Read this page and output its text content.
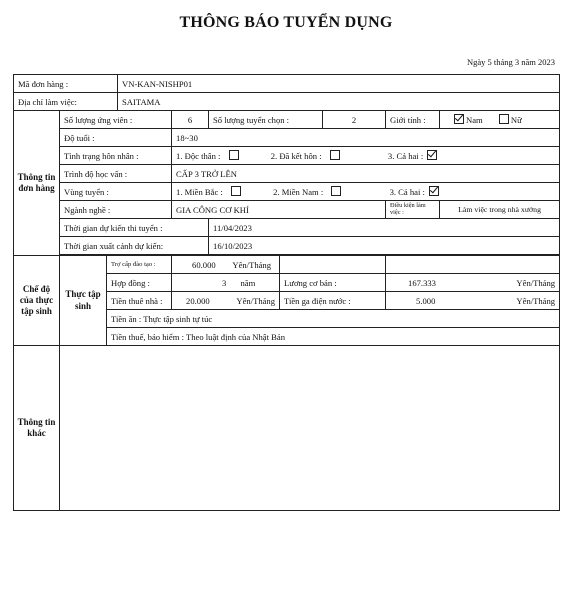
THÔNG BÁO TUYỂN DỤNG
Ngày 5 tháng 3 năm 2023
Mã đơn hàng :			VN-KAN-NISHP01						
Địa chỉ làm việc:			SAITAMA						
Thông tin đơn hàng	Số lượng ứng viên :			6	Số lượng tuyển chọn :		2	Giới tính :	Nam Nữ
	Độ tuổi :			18~30					
	Tình trạng hôn nhân :			1. Độc thân : 2. Đã kết hôn : 3. Cả hai :					
	Trình độ học vấn :			CẤP 3 TRỞ LÊN					
	Vùng tuyển :			1. Miền Bắc : 2. Miền Nam : 3. Cả hai :					
	Ngành nghề :			GIA CÔNG CƠ KHÍ				Điều kiện làm việc :	Làm việc trong nhà xưởng
	Thời gian dự kiến thi tuyển :				11/04/2023				
	Thời gian xuất cảnh dự kiến:				16/10/2023				

Chế độ của thực tập sinh	Thực tập sinh	Trợ cấp đào tạo :		60.000 Yên/Tháng					

		Hợp đồng :		3 năm		Lương cơ bản :		167.333 Yên/Tháng	

		Tiền thuê nhà :		20.000 Yên/Tháng		Tiền ga điện nước :		5.000 Yên/Tháng	

		Tiền ăn : Thực tập sinh tự túc							
		Tiền thuế, bảo hiểm : Theo luật định của Nhật Bản							
Thông tin khác									
